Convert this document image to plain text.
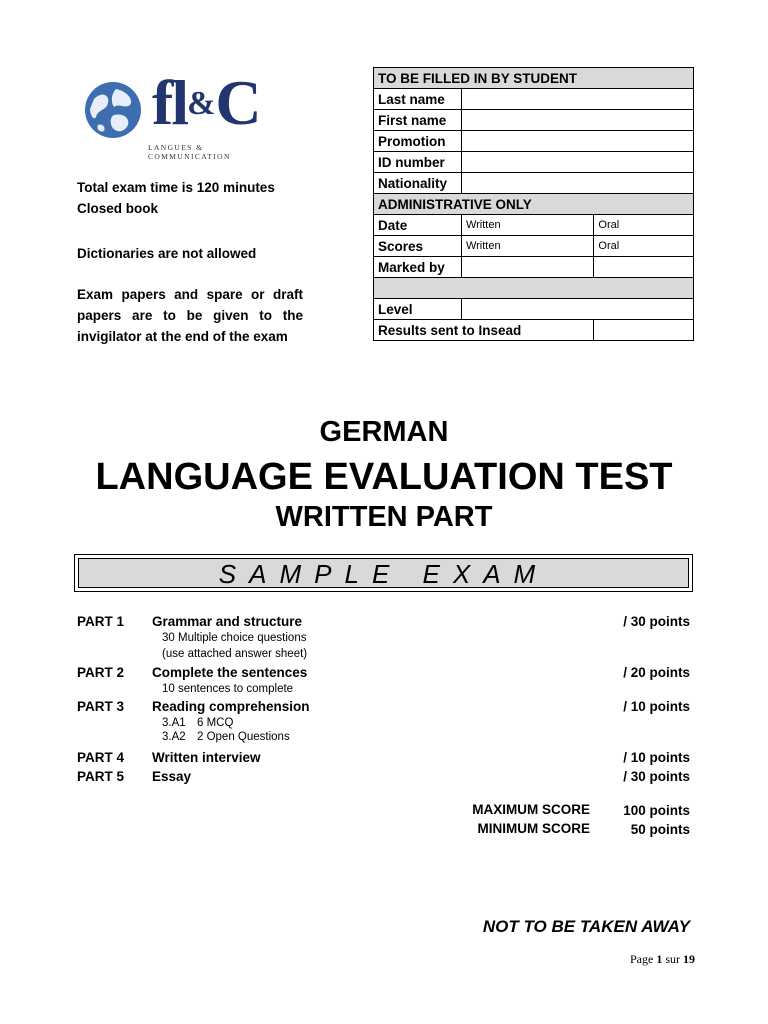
fl&C
LANGUES & COMMUNICATION
Total exam time is 120 minutes
Closed book
Dictionaries are not allowed
Exam papers and spare or draft
papers are to be given to the

invigilator at the end of the exam
TO BE FILLED IN BY STUDENT		
Last name		
First name		
Promotion		
ID number		
Nationality		
ADMINISTRATIVE ONLY		
Date	Written	Oral
Scores	Written	Oral
Marked by		

Level		
Results sent to Insead		
GERMAN
LANGUAGE EVALUATION TEST
WRITTEN PART
SAMPLE EXAM
PART 1 Grammar and structure	/ 30 points
30 Multiple choice questions
(use attached answer sheet)
PART 2 Complete the sentences	/ 20 points
10 sentences to complete
PART 3 Reading comprehension	/ 10 points
3.A1 6 MCQ
3.A2 2 Open Questions
PART 4 Written interview	/ 10 points
PART 5 Essay	/ 30 points
MAXIMUM SCORE 100 points
MINIMUM SCORE	50 points
NOT TO BE TAKEN AWAY
Page 1 sur 19
